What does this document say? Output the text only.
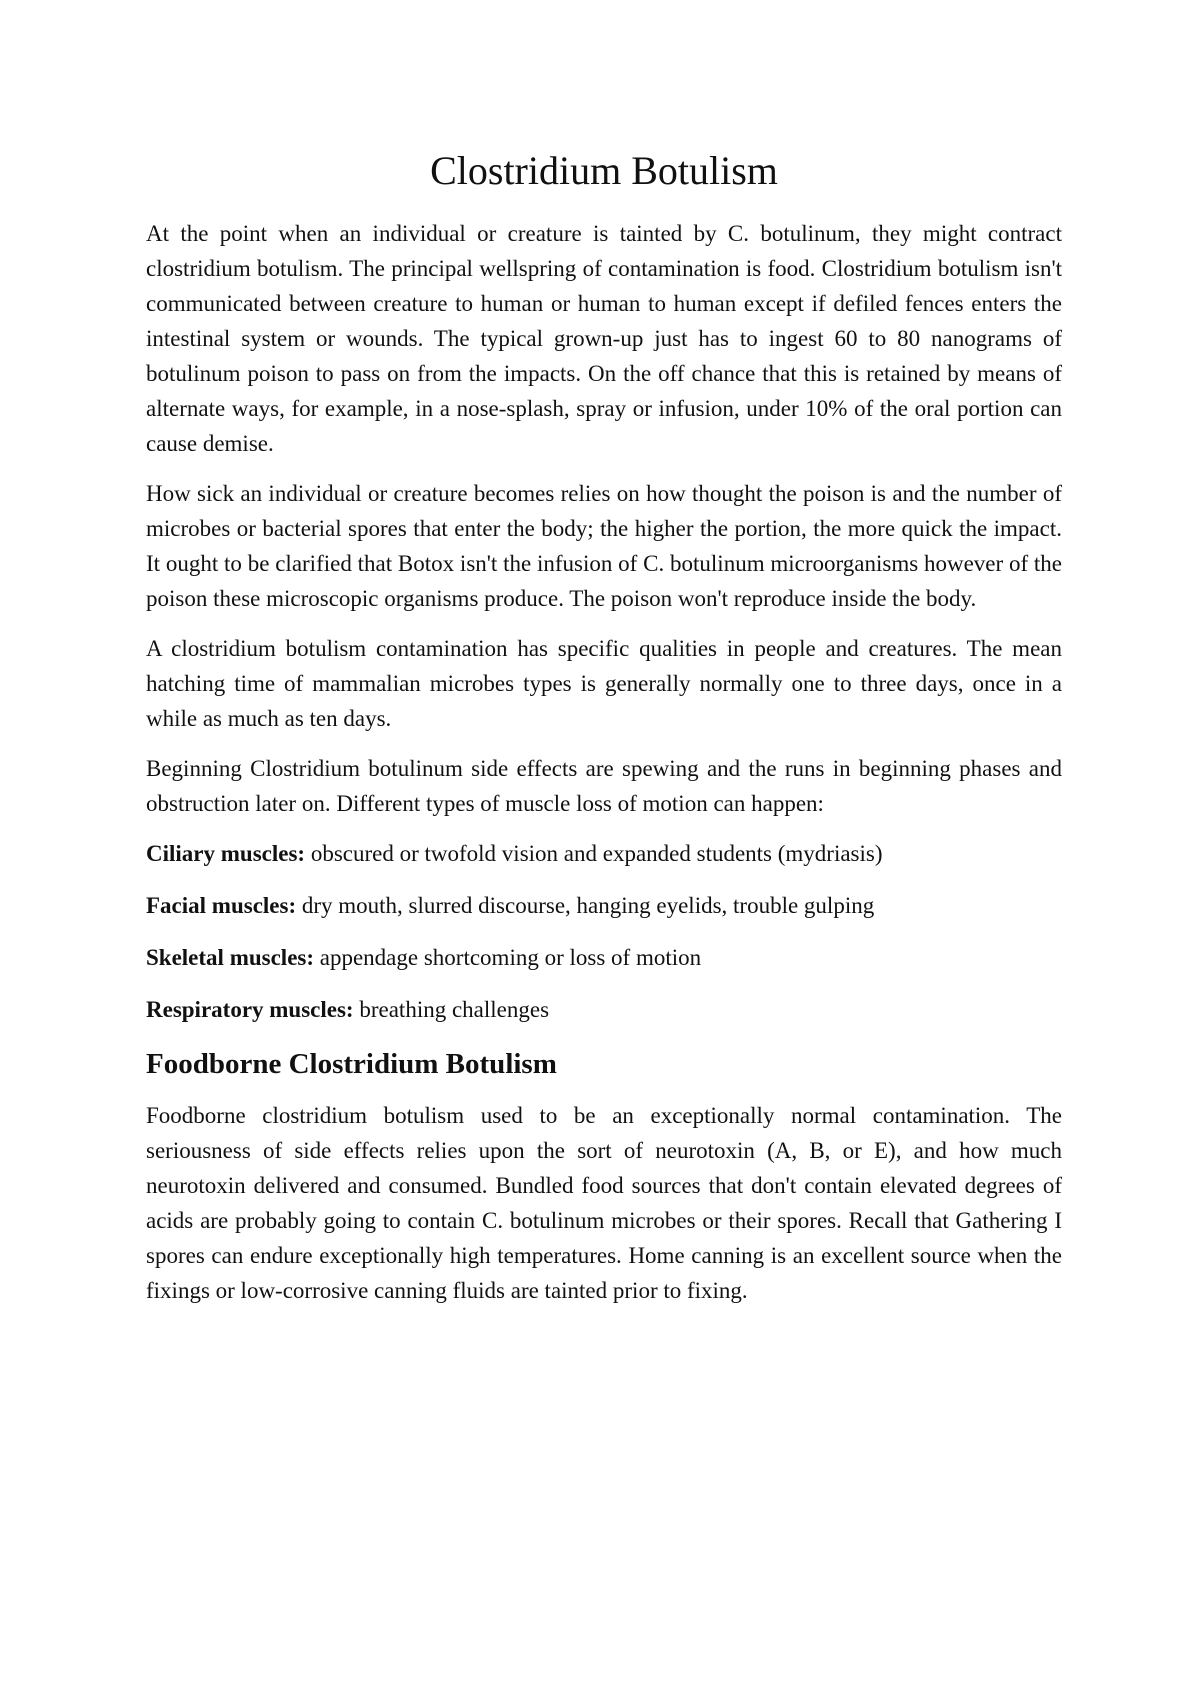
Clostridium Botulism

At the point when an individual or creature is tainted by C. botulinum, they might contract clostridium botulism. The principal wellspring of contamination is food. Clostridium botulism isn't communicated between creature to human or human to human except if defiled fences enters the intestinal system or wounds. The typical grown-up just has to ingest 60 to 80 nanograms of botulinum poison to pass on from the impacts. On the off chance that this is retained by means of alternate ways, for example, in a nose-splash, spray or infusion, under 10% of the oral portion can cause demise.

How sick an individual or creature becomes relies on how thought the poison is and the number of microbes or bacterial spores that enter the body; the higher the portion, the more quick the impact. It ought to be clarified that Botox isn't the infusion of C. botulinum microorganisms however of the poison these microscopic organisms produce. The poison won't reproduce inside the body.

A clostridium botulism contamination has specific qualities in people and creatures. The mean hatching time of mammalian microbes types is generally normally one to three days, once in a while as much as ten days.

Beginning Clostridium botulinum side effects are spewing and the runs in beginning phases and obstruction later on. Different types of muscle loss of motion can happen:

Ciliary muscles: obscured or twofold vision and expanded students (mydriasis)

Facial muscles: dry mouth, slurred discourse, hanging eyelids, trouble gulping

Skeletal muscles: appendage shortcoming or loss of motion

Respiratory muscles: breathing challenges

Foodborne Clostridium Botulism

Foodborne clostridium botulism used to be an exceptionally normal contamination. The seriousness of side effects relies upon the sort of neurotoxin (A, B, or E), and how much neurotoxin delivered and consumed. Bundled food sources that don't contain elevated degrees of acids are probably going to contain C. botulinum microbes or their spores. Recall that Gathering I spores can endure exceptionally high temperatures. Home canning is an excellent source when the fixings or low-corrosive canning fluids are tainted prior to fixing.
